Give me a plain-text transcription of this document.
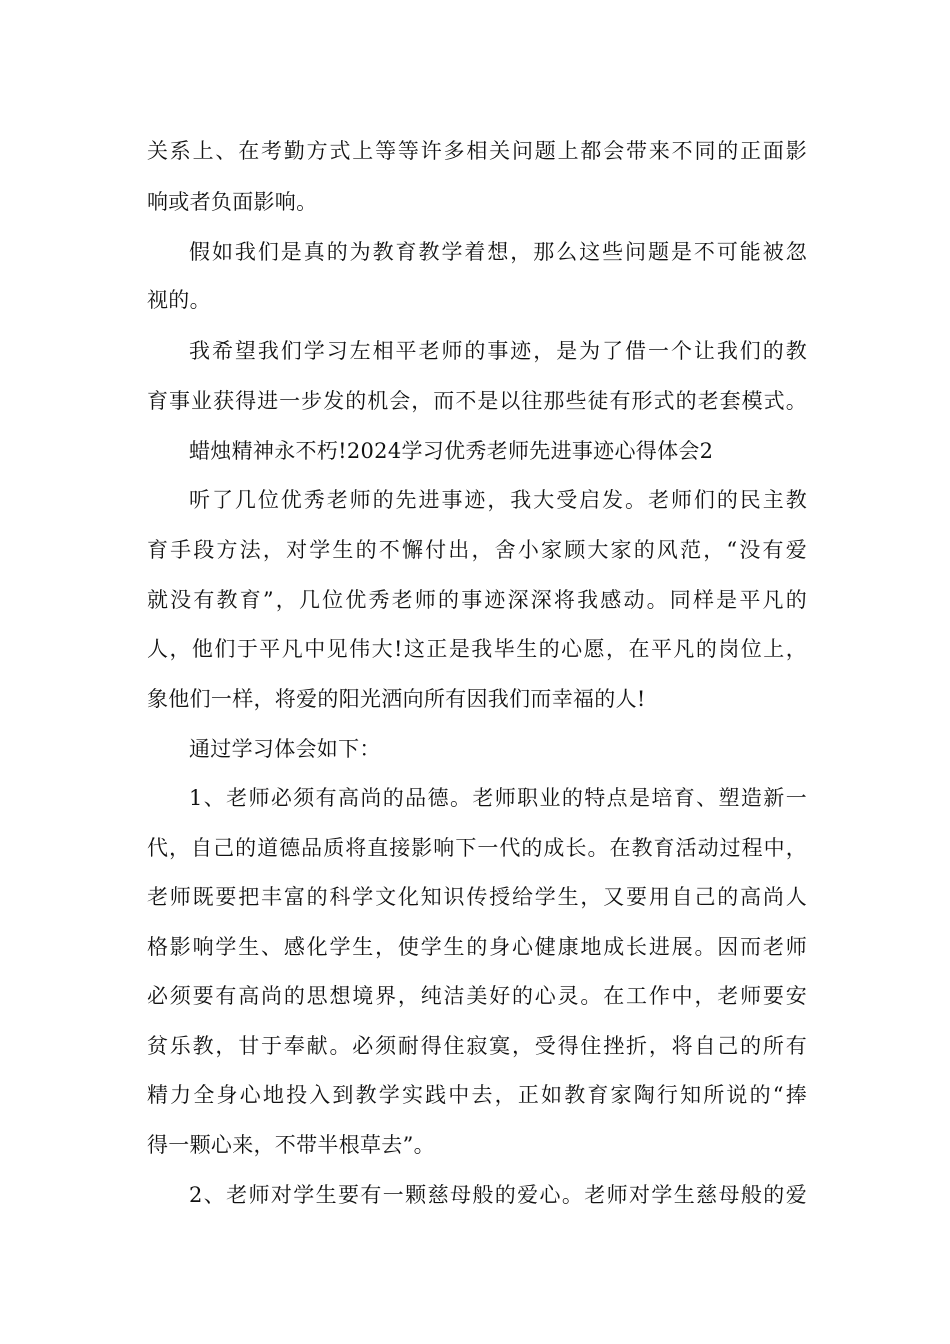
关系上、在考勤方式上等等许多相关问题上都会带来不同的正面影
响或者负面影响。
假如我们是真的为教育教学着想，那么这些问题是不可能被忽
视的。
我希望我们学习左相平老师的事迹，是为了借一个让我们的教
育事业获得进一步发的机会，而不是以往那些徒有形式的老套模式。
蜡烛精神永不朽!2024学习优秀老师先进事迹心得体会2
听了几位优秀老师的先进事迹，我大受启发。老师们的民主教
育手段方法，对学生的不懈付出，舍小家顾大家的风范，“没有爱
就没有教育”，几位优秀老师的事迹深深将我感动。同样是平凡的
人，他们于平凡中见伟大!这正是我毕生的心愿，在平凡的岗位上，
象他们一样，将爱的阳光洒向所有因我们而幸福的人!
通过学习体会如下：
1、老师必须有高尚的品德。老师职业的特点是培育、塑造新一
代，自己的道德品质将直接影响下一代的成长。在教育活动过程中，
老师既要把丰富的科学文化知识传授给学生，又要用自己的高尚人
格影响学生、感化学生，使学生的身心健康地成长进展。因而老师
必须要有高尚的思想境界，纯洁美好的心灵。在工作中，老师要安
贫乐教，甘于奉献。必须耐得住寂寞，受得住挫折，将自己的所有
精力全身心地投入到教学实践中去，正如教育家陶行知所说的“捧
得一颗心来，不带半根草去”。
2、老师对学生要有一颗慈母般的爱心。老师对学生慈母般的爱
